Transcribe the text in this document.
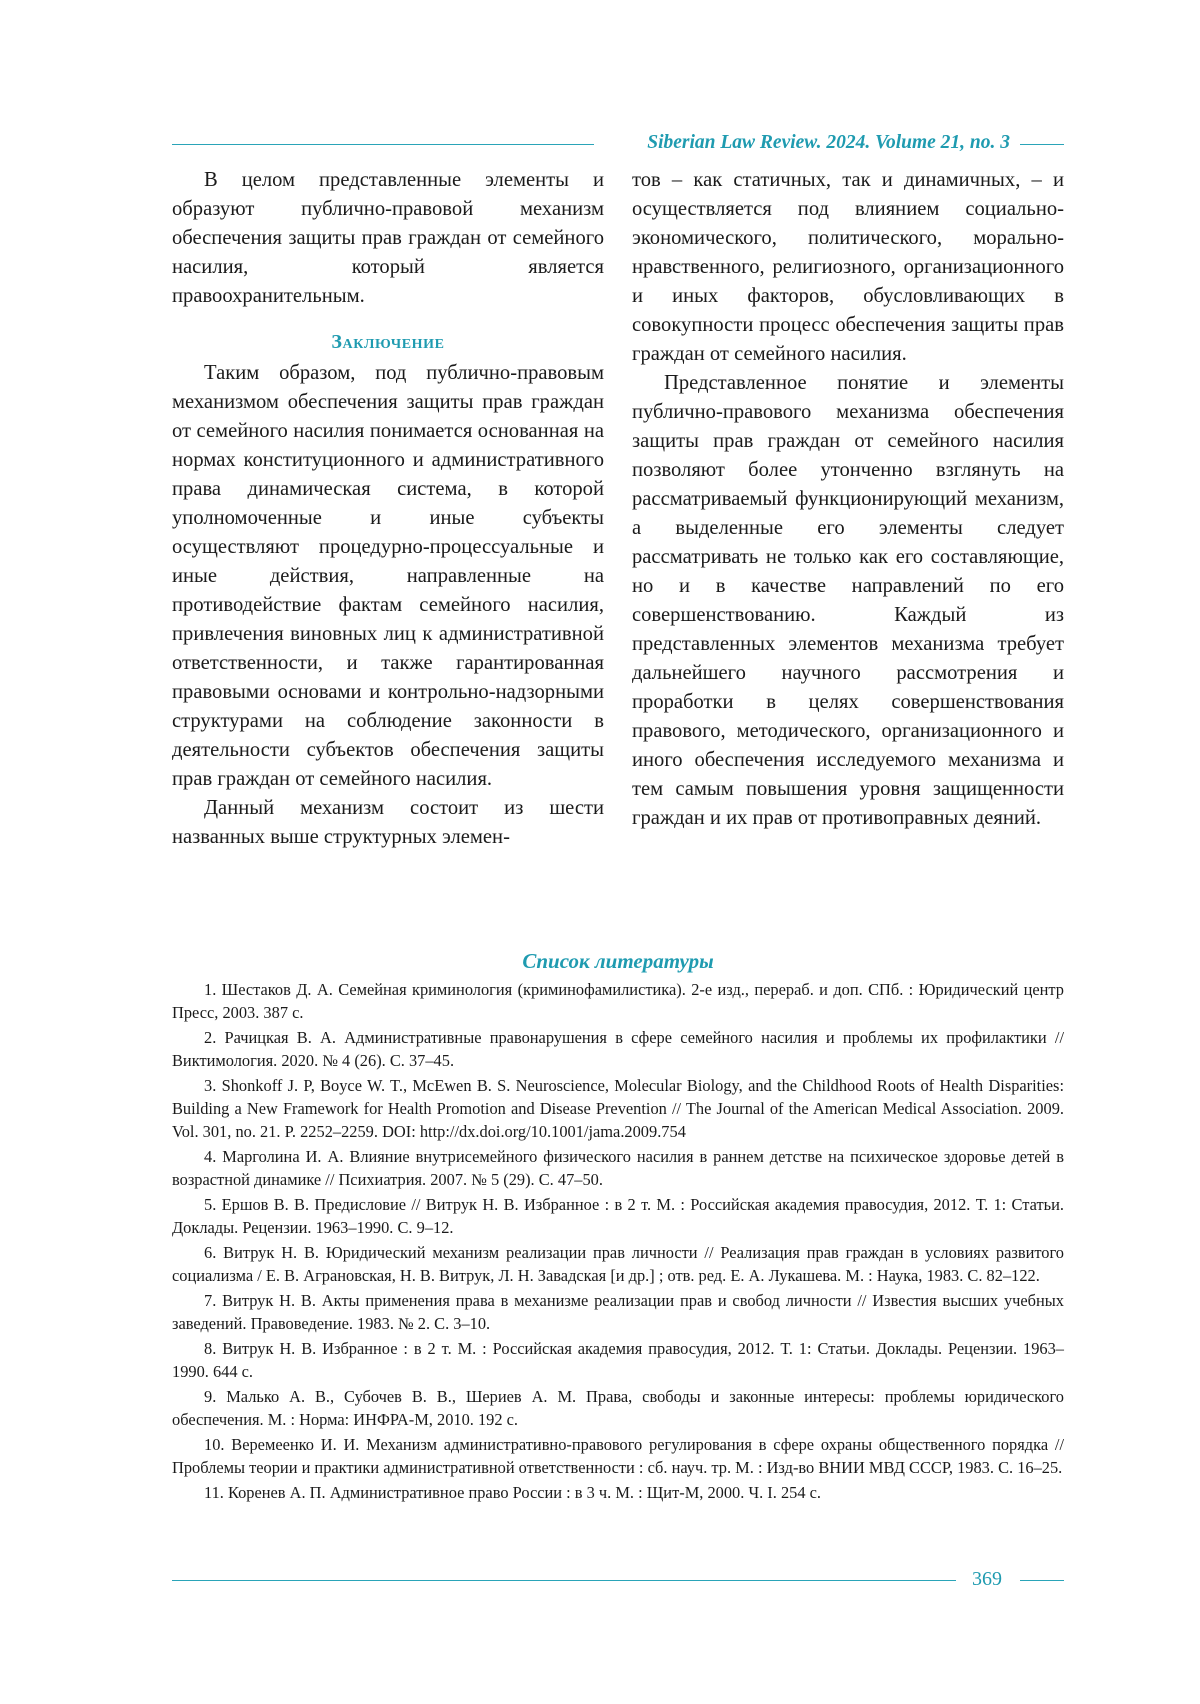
Siberian Law Review. 2024. Volume 21, no. 3

В целом представленные элементы и образуют публично-правовой механизм обеспечения защиты прав граждан от семейного насилия, который является правоохранительным.

Заключение

Таким образом, под публично-правовым механизмом обеспечения защиты прав граждан от семейного насилия понимается основанная на нормах конституционного и административного права динамическая система, в которой уполномоченные и иные субъекты осуществляют процедурно-процессуальные и иные действия, направленные на противодействие фактам семейного насилия, привлечения виновных лиц к административной ответственности, и также гарантированная правовыми основами и контрольно-надзорными структурами на соблюдение законности в деятельности субъектов обеспечения защиты прав граждан от семейного насилия.

Данный механизм состоит из шести названных выше структурных элемен-

тов – как статичных, так и динамичных, – и осуществляется под влиянием социально-экономического, политического, морально-нравственного, религиозного, организационного и иных факторов, обусловливающих в совокупности процесс обеспечения защиты прав граждан от семейного насилия.

Представленное понятие и элементы публично-правового механизма обеспечения защиты прав граждан от семейного насилия позволяют более утонченно взглянуть на рассматриваемый функционирующий механизм, а выделенные его элементы следует рассматривать не только как его составляющие, но и в качестве направлений по его совершенствованию. Каждый из представленных элементов механизма требует дальнейшего научного рассмотрения и проработки в целях совершенствования правового, методического, организационного и иного обеспечения исследуемого механизма и тем самым повышения уровня защищенности граждан и их прав от противоправных деяний.

Список литературы
1. Шестаков Д. А. Семейная криминология (криминофамилистика). 2-е изд., перераб. и доп. СПб. : Юридический центр Пресс, 2003. 387 с.
2. Рачицкая В. А. Административные правонарушения в сфере семейного насилия и проблемы их профилактики // Виктимология. 2020. № 4 (26). С. 37–45.
3. Shonkoff J. P, Boyce W. T., McEwen B. S. Neuroscience, Molecular Biology, and the Childhood Roots of Health Disparities: Building a New Framework for Health Promotion and Disease Prevention // The Journal of the American Medical Association. 2009. Vol. 301, no. 21. P. 2252–2259. DOI: http://dx.doi.org/10.1001/jama.2009.754
4. Марголина И. А. Влияние внутрисемейного физического насилия в раннем детстве на психическое здоровье детей в возрастной динамике // Психиатрия. 2007. № 5 (29). С. 47–50.
5. Ершов В. В. Предисловие // Витрук Н. В. Избранное : в 2 т. М. : Российская академия правосудия, 2012. Т. 1: Статьи. Доклады. Рецензии. 1963–1990. С. 9–12.
6. Витрук Н. В. Юридический механизм реализации прав личности // Реализация прав граждан в условиях развитого социализма / Е. В. Аграновская, Н. В. Витрук, Л. Н. Завадская [и др.] ; отв. ред. Е. А. Лукашева. М. : Наука, 1983. С. 82–122.
7. Витрук Н. В. Акты применения права в механизме реализации прав и свобод личности // Известия высших учебных заведений. Правоведение. 1983. № 2. С. 3–10.
8. Витрук Н. В. Избранное : в 2 т. М. : Российская академия правосудия, 2012. Т. 1: Статьи. Доклады. Рецензии. 1963–1990. 644 с.
9. Малько А. В., Субочев В. В., Шериев А. М. Права, свободы и законные интересы: проблемы юридического обеспечения. М. : Норма: ИНФРА-М, 2010. 192 с.
10. Веремеенко И. И. Механизм административно-правового регулирования в сфере охраны общественного порядка // Проблемы теории и практики административной ответственности : сб. науч. тр. М. : Изд-во ВНИИ МВД СССР, 1983. С. 16–25.
11. Коренев А. П. Административное право России : в 3 ч. М. : Щит-М, 2000. Ч. I. 254 с.
369
